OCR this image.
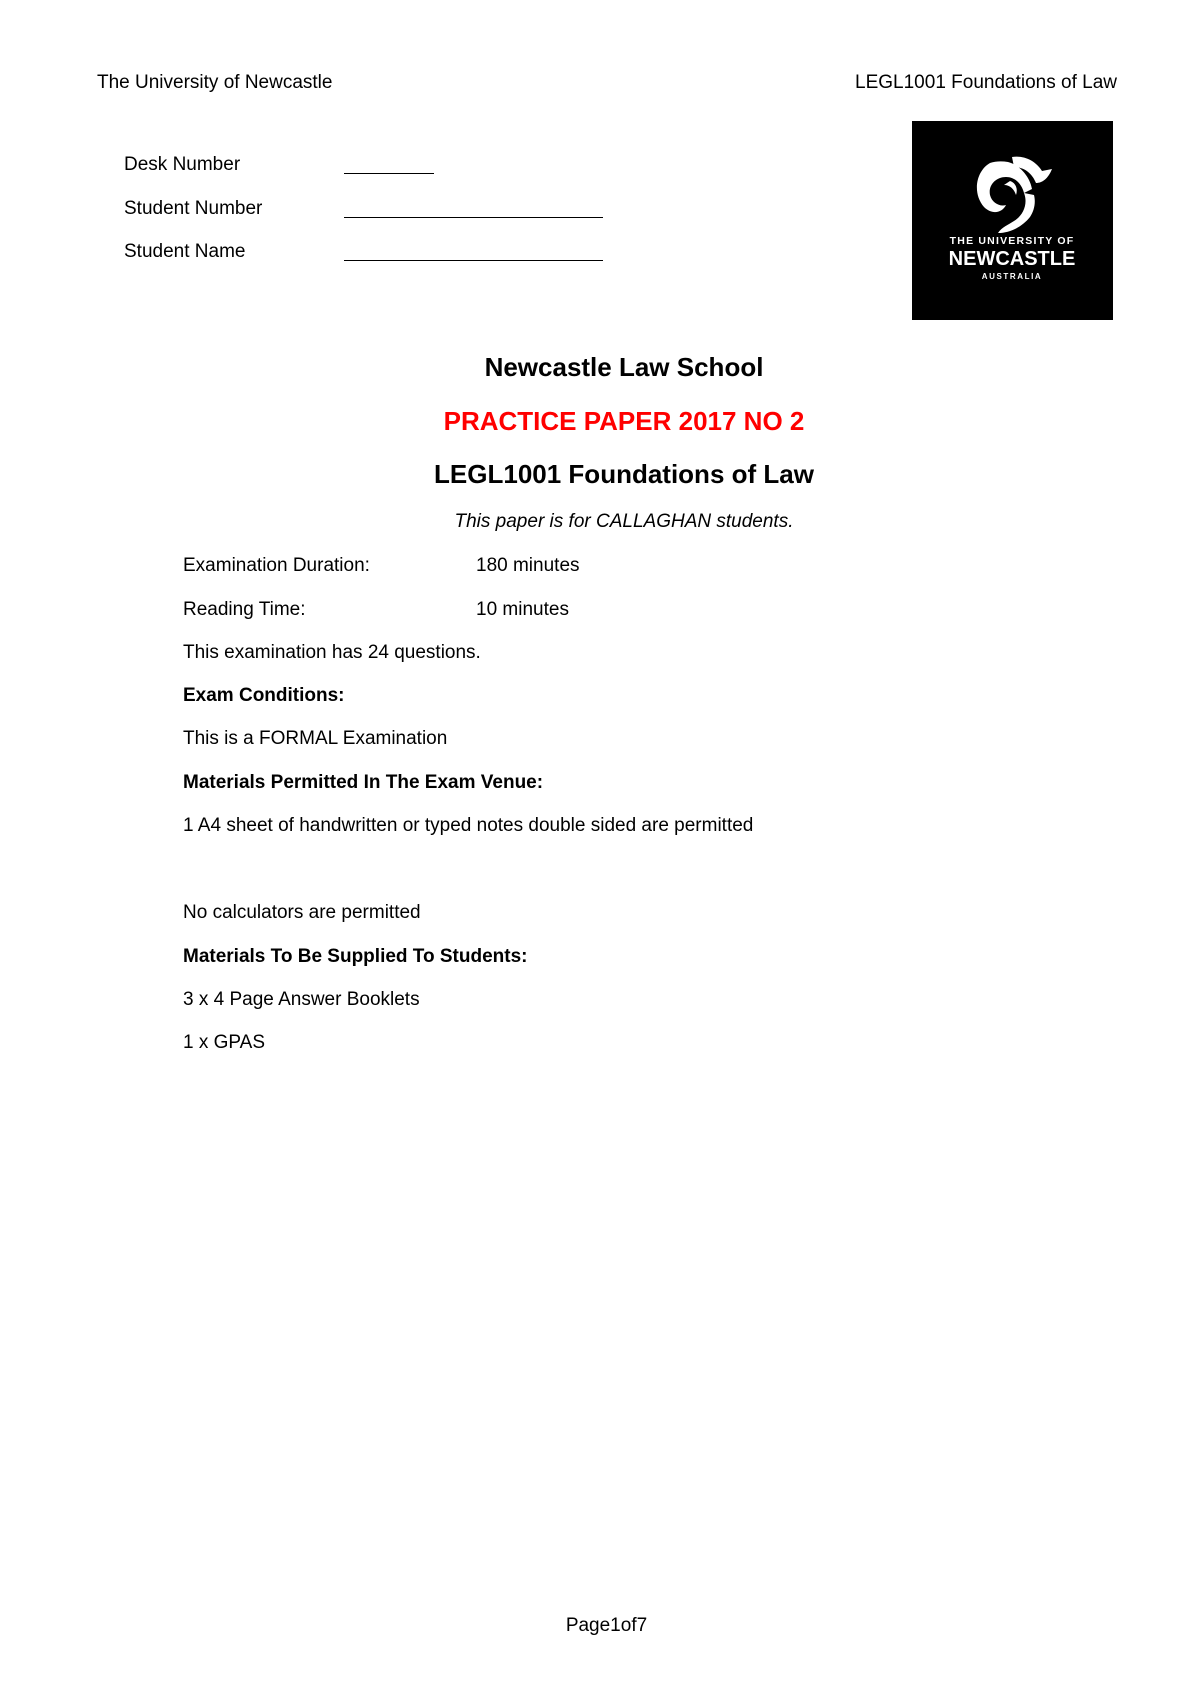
The University of Newcastle	LEGL1001 Foundations of Law
Desk Number
Student Number
Student Name	THE UNIVERSITY OF
NEWCASTLE
AUSTRALIA
Newcastle Law School
PRACTICE PAPER 2017 NO 2
LEGL1001 Foundations of Law
This paper is for CALLAGHAN students.
Examination Duration:	180 minutes
Reading Time:	10 minutes
This examination has 24 questions.
Exam Conditions:
This is a FORMAL Examination
Materials Permitted In The Exam Venue:
1 A4 sheet of handwritten or typed notes double sided are permitted
No calculators are permitted
Materials To Be Supplied To Students:
3 x 4 Page Answer Booklets
1 x GPAS
Page1of7
